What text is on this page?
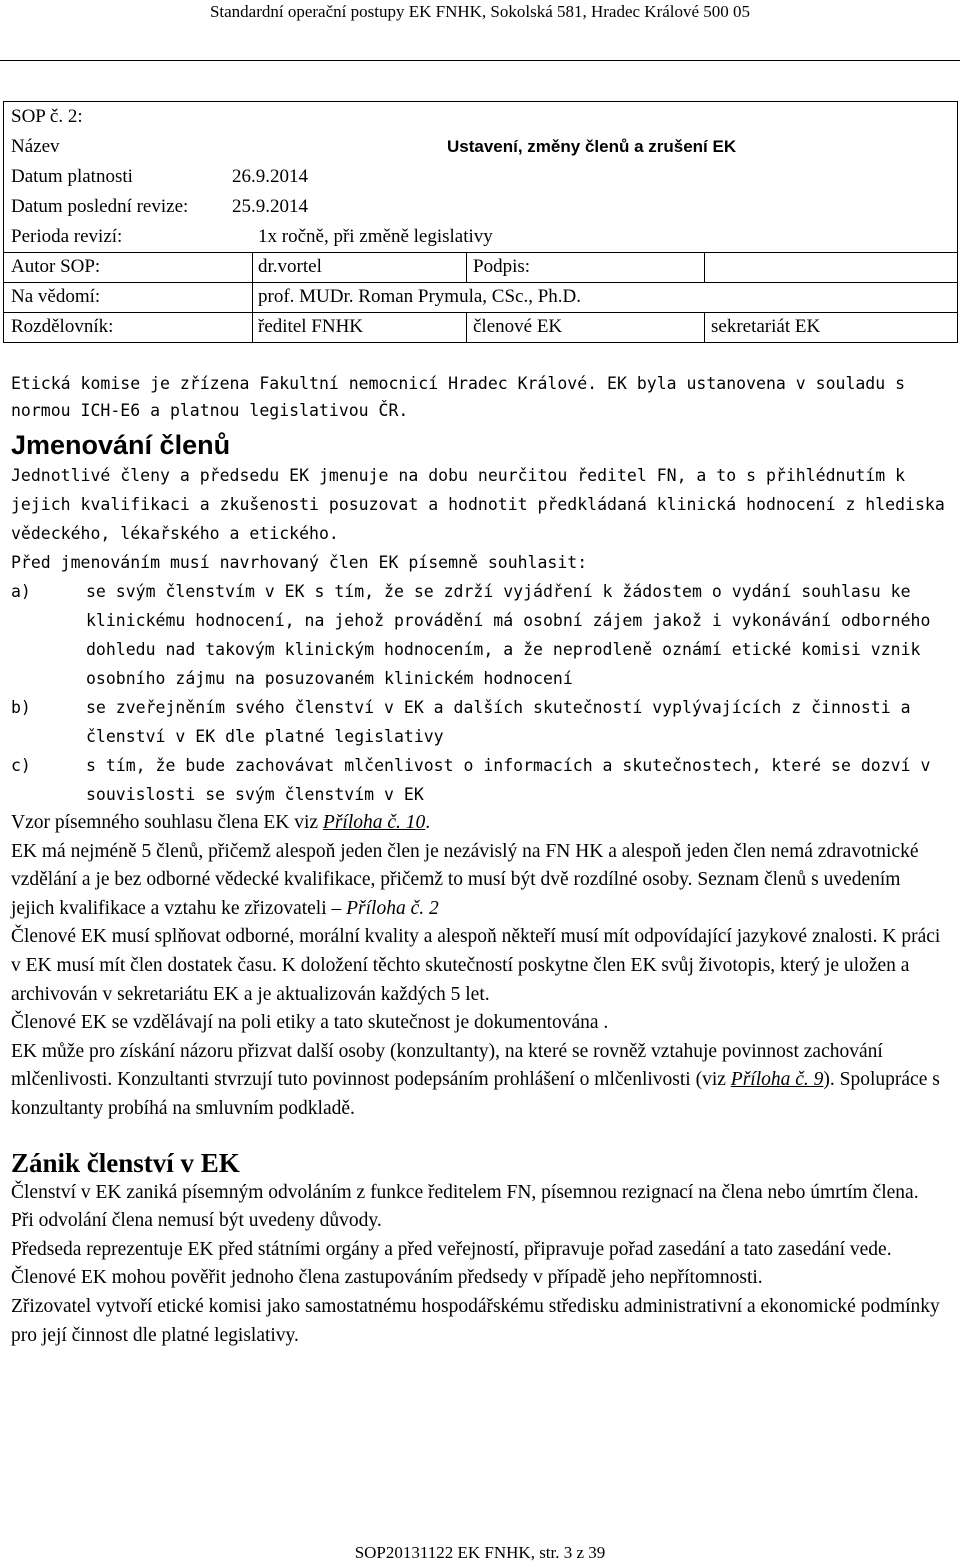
Standardní operační postupy EK FNHK, Sokolská 581, Hradec Králové 500 05
SOP č. 2:
Název	Ustavení, změny členů a zrušení EK
Datum platnosti	26.9.2014
Datum poslední revize: 25.9.2014
Perioda revizí:	1x ročně, při změně legislativy
Autor SOP:	dr.vortel	Podpis:
Na vědomí:	prof. MUDr. Roman Prymula, CSc., Ph.D.
Rozdělovník:	ředitel FNHK	členové EK	sekretariát EK

Etická komise je zřízena Fakultní nemocnicí Hradec Králové. EK byla ustanovena v souladu s normou ICH-E6 a platnou legislativou ČR.

Jmenování členů

Jednotlivé členy a předsedu EK jmenuje na dobu neurčitou ředitel FN, a to s přihlédnutím k jejich kvalifikaci a zkušenosti posuzovat a hodnotit předkládaná klinická hodnocení z hlediska vědeckého, lékařského a etického.

Před jmenováním musí navrhovaný člen EK písemně souhlasit:

a)	se svým členstvím v EK s tím, že se zdrží vyjádření k žádostem o vydání souhlasu ke klinickému hodnocení, na jehož provádění má osobní zájem jakož i vykonávání odborného dohledu nad takovým klinickým hodnocením, a že neprodleně oznámí etické komisi vznik osobního zájmu na posuzovaném klinickém hodnocení
b)	se zveřejněním svého členství v EK a dalších skutečností vyplývajících z činnosti a členství v EK dle platné legislativy
c)	s tím, že bude zachovávat mlčenlivost o informacích a skutečnostech, které se dozví v souvislosti se svým členstvím v EK

Vzor písemného souhlasu člena EK viz Příloha č. 10.

EK má nejméně 5 členů, přičemž alespoň jeden člen je nezávislý na FN HK a alespoň jeden člen nemá zdravotnické vzdělání a je bez odborné vědecké kvalifikace, přičemž to musí být dvě rozdílné osoby. Seznam členů s uvedením jejich kvalifikace a vztahu ke zřizovateli – Příloha č. 2

Členové EK musí splňovat odborné, morální kvality a alespoň někteří musí mít odpovídající jazykové znalosti. K práci v EK musí mít člen dostatek času. K doložení těchto skutečností poskytne člen EK svůj životopis, který je uložen a archivován v sekretariátu EK a je aktualizován každých 5 let.

Členové EK se vzdělávají na poli etiky a tato skutečnost je dokumentována .

EK může pro získání názoru přizvat další osoby (konzultanty), na které se rovněž vztahuje povinnost zachování mlčenlivosti. Konzultanti stvrzují tuto povinnost podepsáním prohlášení o mlčenlivosti (viz Příloha č. 9). Spolupráce s konzultanty probíhá na smluvním podkladě.

Zánik členství v EK

Členství v EK zaniká písemným odvoláním z funkce ředitelem FN, písemnou rezignací na člena nebo úmrtím člena. Při odvolání člena nemusí být uvedeny důvody.

Předseda reprezentuje EK před státními orgány a před veřejností, připravuje pořad zasedání a tato zasedání vede. Členové EK mohou pověřit jednoho člena zastupováním předsedy v případě jeho nepřítomnosti.

Zřizovatel vytvoří etické komisi jako samostatnému hospodářskému středisku administrativní a ekonomické podmínky pro její činnost dle platné legislativy.

SOP20131122 EK FNHK, str. 3 z 39
